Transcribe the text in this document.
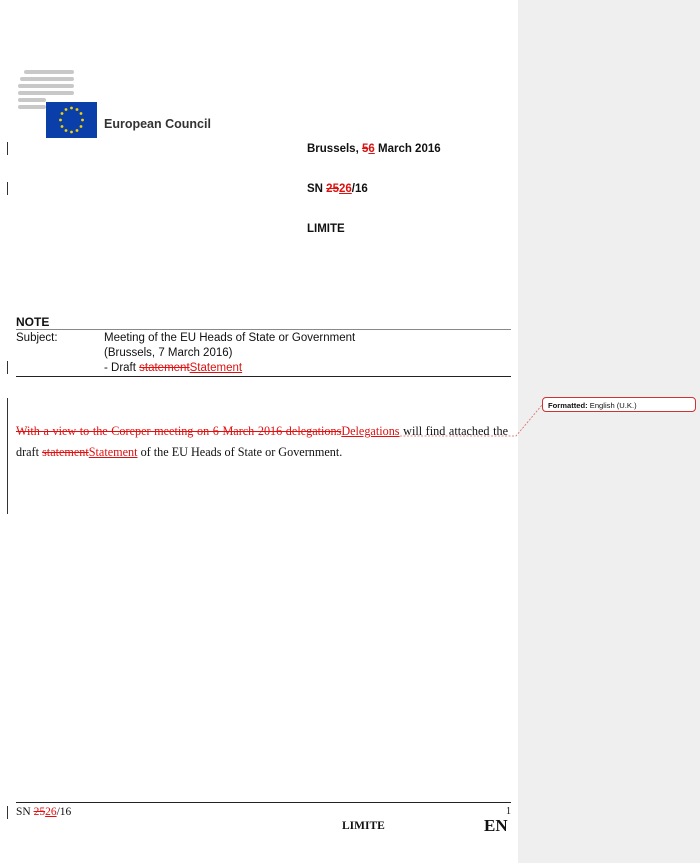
European Council
Brussels, 56 March 2016
SN 2526/16
LIMITE
NOTE
Subject:	Meeting of the EU Heads of State or Government
(Brussels, 7 March 2016)
- Draft statementStatement
With a view to the Coreper meeting on 6 March 2016 delegationsDelegations will find attached the draft statementStatement of the EU Heads of State or Government.
SN 2526/16	1
LIMITE	EN
Formatted: English (U.K.)
